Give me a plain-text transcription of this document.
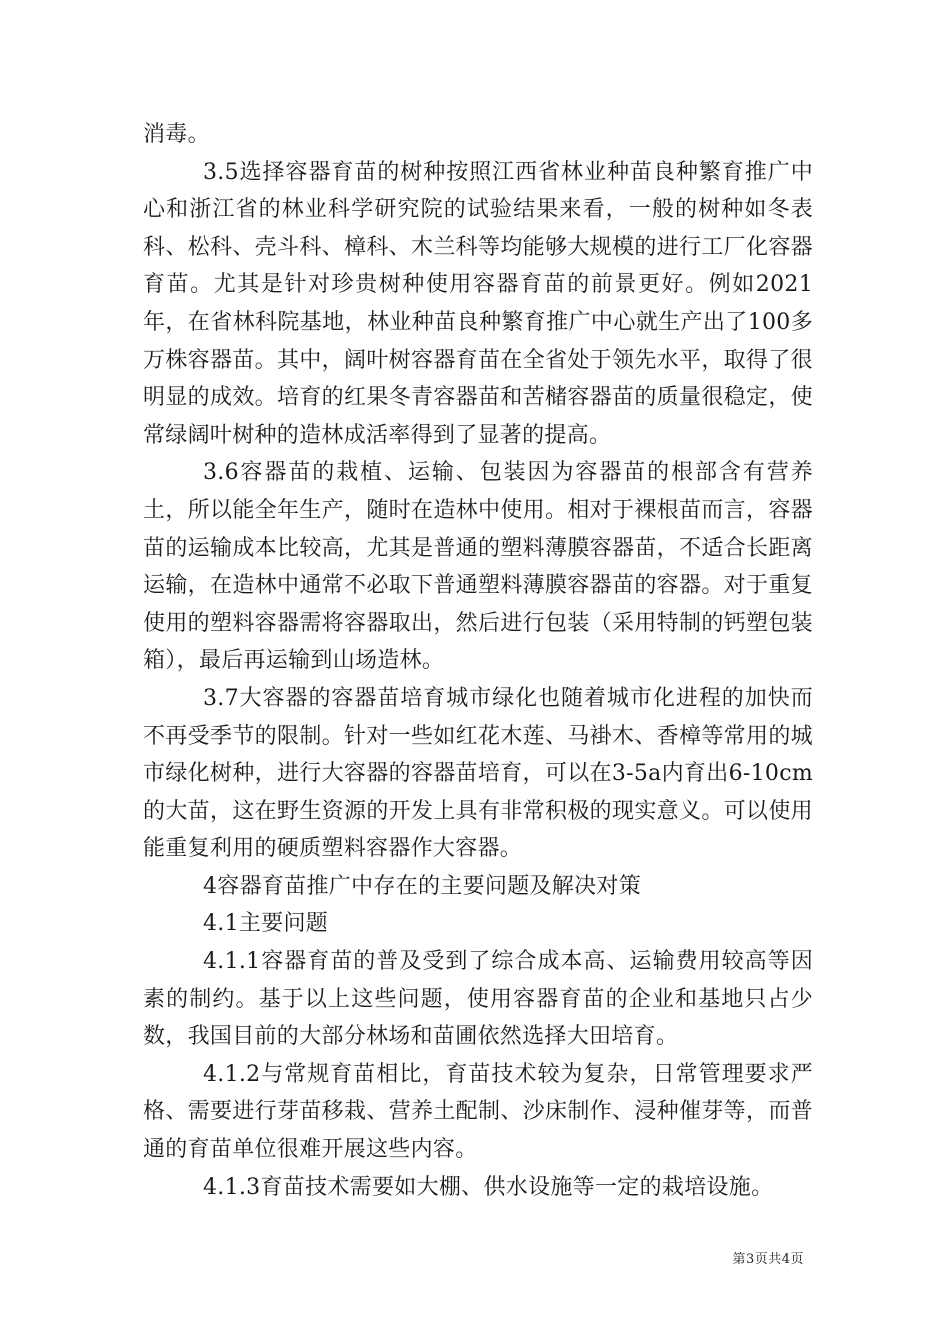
消毒。

3.5选择容器育苗的树种按照江西省林业种苗良种繁育推广中心和浙江省的林业科学研究院的试验结果来看，一般的树种如冬表科、松科、壳斗科、樟科、木兰科等均能够大规模的进行工厂化容器育苗。尤其是针对珍贵树种使用容器育苗的前景更好。例如2021年，在省林科院基地，林业种苗良种繁育推广中心就生产出了100多万株容器苗。其中，阔叶树容器育苗在全省处于领先水平，取得了很明显的成效。培育的红果冬青容器苗和苦槠容器苗的质量很稳定，使常绿阔叶树种的造林成活率得到了显著的提高。

3.6容器苗的栽植、运输、包装因为容器苗的根部含有营养土，所以能全年生产，随时在造林中使用。相对于裸根苗而言，容器苗的运输成本比较高，尤其是普通的塑料薄膜容器苗，不适合长距离运输，在造林中通常不必取下普通塑料薄膜容器苗的容器。对于重复使用的塑料容器需将容器取出，然后进行包装（采用特制的钙塑包装箱），最后再运输到山场造林。

3.7大容器的容器苗培育城市绿化也随着城市化进程的加快而不再受季节的限制。针对一些如红花木莲、马褂木、香樟等常用的城市绿化树种，进行大容器的容器苗培育，可以在3-5a内育出6-10cm的大苗，这在野生资源的开发上具有非常积极的现实意义。可以使用能重复利用的硬质塑料容器作大容器。

4容器育苗推广中存在的主要问题及解决对策

4.1主要问题

4.1.1容器育苗的普及受到了综合成本高、运输费用较高等因素的制约。基于以上这些问题，使用容器育苗的企业和基地只占少数，我国目前的大部分林场和苗圃依然选择大田培育。

4.1.2与常规育苗相比，育苗技术较为复杂，日常管理要求严格、需要进行芽苗移栽、营养土配制、沙床制作、浸种催芽等，而普通的育苗单位很难开展这些内容。

4.1.3育苗技术需要如大棚、供水设施等一定的栽培设施。

第3页共4页
